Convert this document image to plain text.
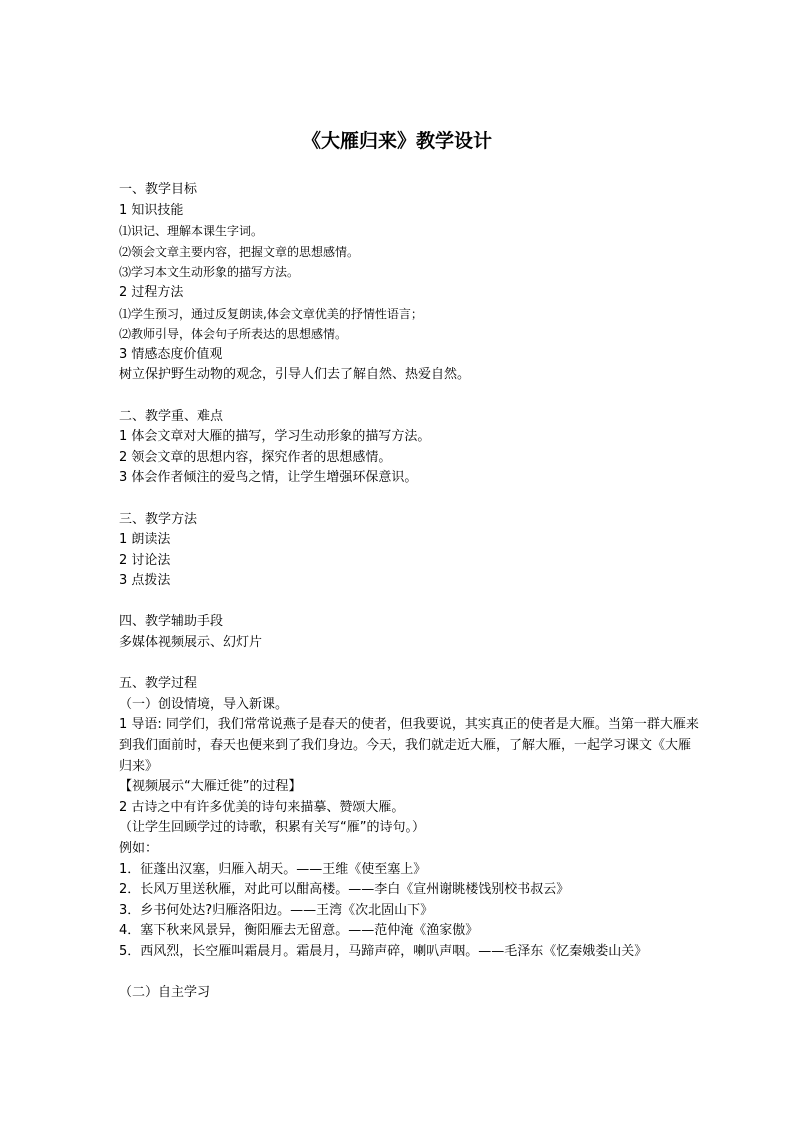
《大雁归来》教学设计
一、教学目标
1 知识技能
⑴识记、理解本课生字词。
⑵领会文章主要内容，把握文章的思想感情。
⑶学习本文生动形象的描写方法。
2 过程方法
⑴学生预习，通过反复朗读,体会文章优美的抒情性语言；
⑵教师引导，体会句子所表达的思想感情。
3 情感态度价值观
树立保护野生动物的观念，引导人们去了解自然、热爱自然。
二、教学重、难点
1 体会文章对大雁的描写，学习生动形象的描写方法。
2 领会文章的思想内容，探究作者的思想感情。
3 体会作者倾注的爱鸟之情，让学生增强环保意识。
三、教学方法
1 朗读法
2 讨论法
3 点拨法
四、教学辅助手段
多媒体视频展示、幻灯片
五、教学过程
（一）创设情境，导入新课。
1 导语: 同学们，我们常常说燕子是春天的使者，但我要说，其实真正的使者是大雁。当第一群大雁来到我们面前时，春天也便来到了我们身边。今天，我们就走近大雁，了解大雁，一起学习课文《大雁归来》
【视频展示“大雁迁徙”的过程】
2 古诗之中有许多优美的诗句来描摹、赞颂大雁。
（让学生回顾学过的诗歌，积累有关写“雁”的诗句。）
例如：
1．征蓬出汉塞，归雁入胡天。——王维《使至塞上》
2．长风万里送秋雁，对此可以酣高楼。——李白《宣州谢眺楼饯别校书叔云》
3．乡书何处达?归雁洛阳边。——王湾《次北固山下》
4．塞下秋来风景异，衡阳雁去无留意。——范仲淹《渔家傲》
5．西风烈，长空雁叫霜晨月。霜晨月，马蹄声碎，喇叭声咽。——毛泽东《忆秦娥娄山关》
（二）自主学习
